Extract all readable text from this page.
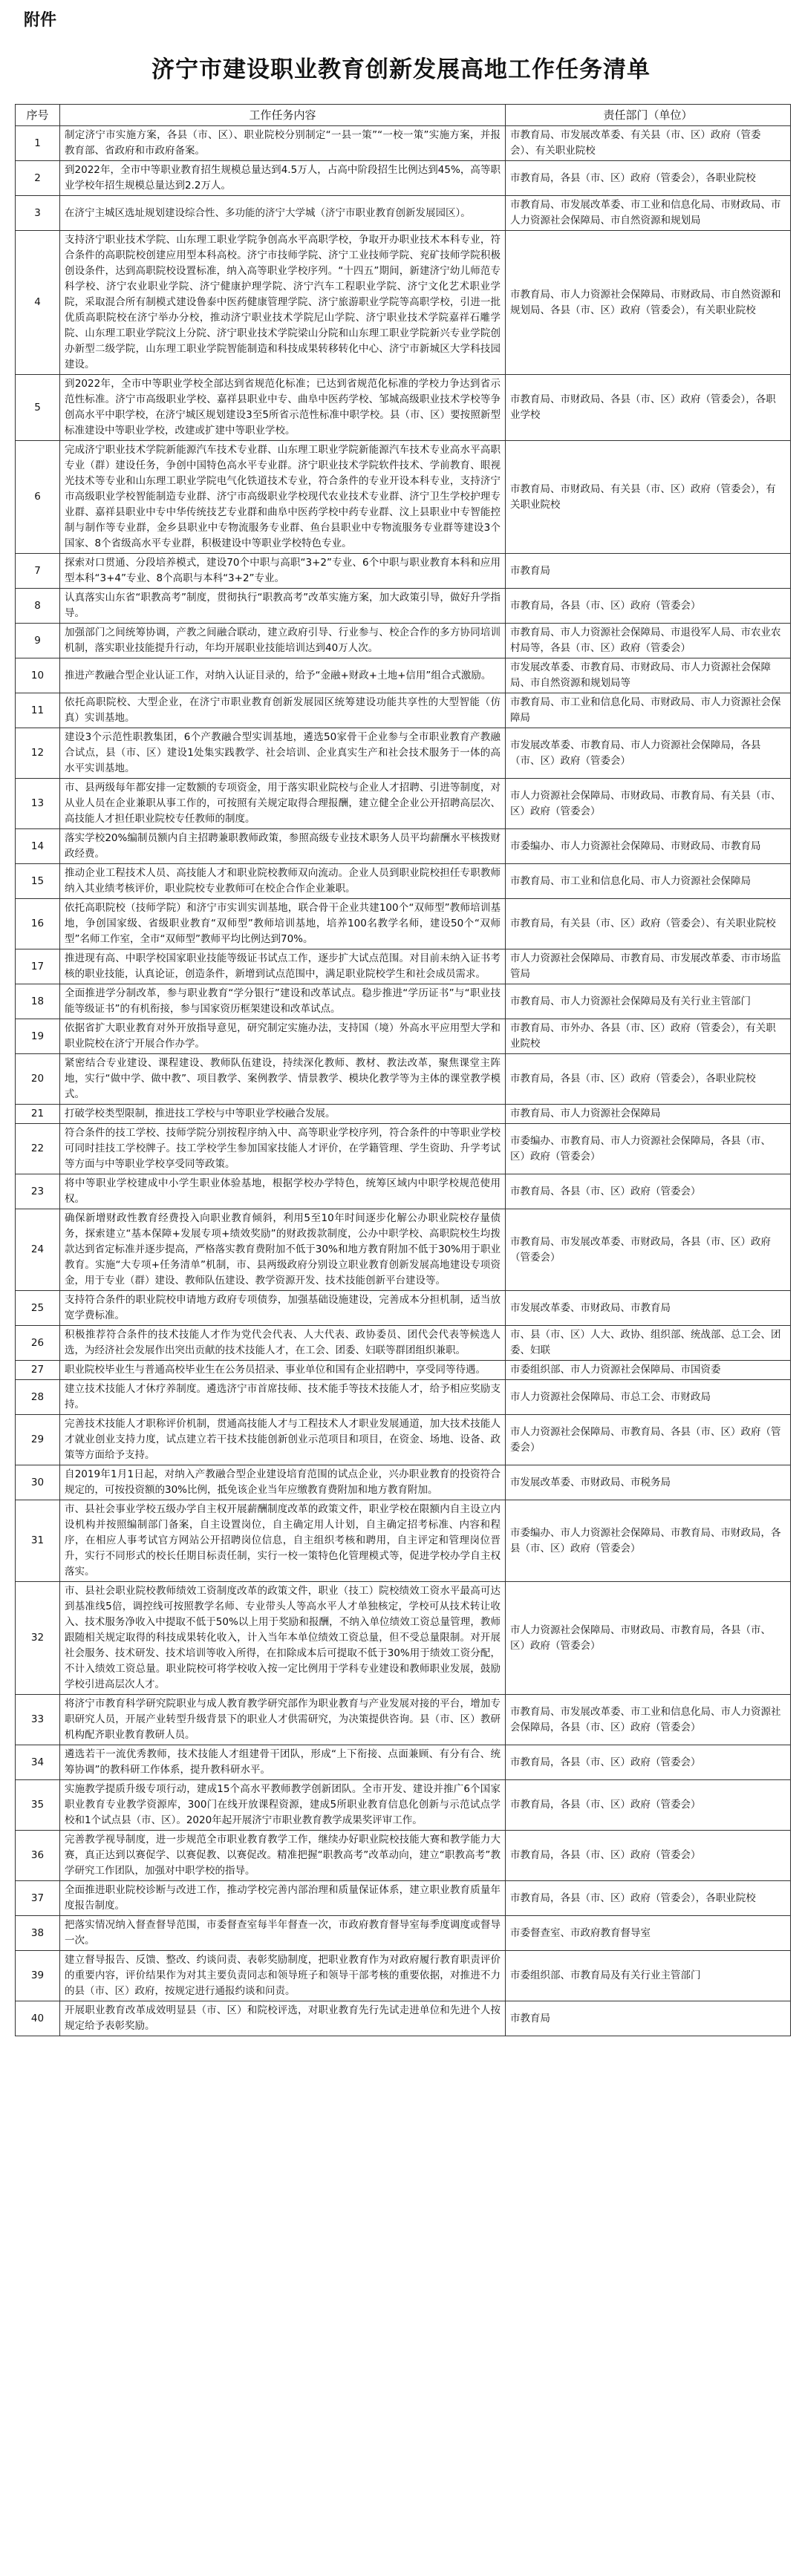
附件
济宁市建设职业教育创新发展高地工作任务清单
序号	工作任务内容	责任部门（单位）
1	制定济宁市实施方案，各县（市、区）、职业院校分别制定“一县一策”“一校一策”实施方案，并报教育部、省政府和市政府备案。	市教育局、市发展改革委、有关县（市、区）政府（管委会）、有关职业院校
2	到2022年，全市中等职业教育招生规模总量达到4.5万人，占高中阶段招生比例达到45%，高等职业学校年招生规模总量达到2.2万人。	市教育局，各县（市、区）政府（管委会），各职业院校
3	在济宁主城区选址规划建设综合性、多功能的济宁大学城（济宁市职业教育创新发展园区）。	市教育局、市发展改革委、市工业和信息化局、市财政局、市人力资源社会保障局、市自然资源和规划局
4	支持济宁职业技术学院、山东理工职业学院争创高水平高职学校，争取开办职业技术本科专业，符合条件的高职院校创建应用型本科高校。济宁市技师学院、济宁工业技师学院、兖矿技师学院积极创设条件，达到高职院校设置标准，纳入高等职业学校序列。“十四五”期间，新建济宁幼儿师范专科学校、济宁农业职业学院、济宁健康护理学院、济宁汽车工程职业学院、济宁文化艺术职业学院，采取混合所有制模式建设鲁泰中医药健康管理学院、济宁旅游职业学院等高职学校，引进一批优质高职院校在济宁举办分校，推动济宁职业技术学院尼山学院、济宁职业技术学院嘉祥石雕学院、山东理工职业学院汶上分院、济宁职业技术学院梁山分院和山东理工职业学院新兴专业学院创办新型二级学院，山东理工职业学院智能制造和科技成果转移转化中心、济宁市新城区大学科技园建设。	市教育局、市人力资源社会保障局、市财政局、市自然资源和规划局、各县（市、区）政府（管委会），有关职业院校
5	到2022年，全市中等职业学校全部达到省规范化标准；已达到省规范化标准的学校力争达到省示范性标准。济宁市高级职业学校、嘉祥县职业中专、曲阜中医药学校、邹城高级职业技术学校等争创高水平中职学校，在济宁城区规划建设3至5所省示范性标准中职学校。县（市、区）要按照新型标准建设中等职业学校，改建或扩建中等职业学校。	市教育局、市财政局、各县（市、区）政府（管委会），各职业学校
6	完成济宁职业技术学院新能源汽车技术专业群、山东理工职业学院新能源汽车技术专业高水平高职专业（群）建设任务，争创中国特色高水平专业群。济宁职业技术学院软件技术、学前教育、眼视光技术等专业和山东理工职业学院电气化铁道技术专业，符合条件的专业开设本科专业，支持济宁市高级职业学校智能制造专业群、济宁市高级职业学校现代农业技术专业群、济宁卫生学校护理专业群、嘉祥县职业中专中华传统技艺专业群和曲阜中医药学校中药专业群、汶上县职业中专智能控制与制作等专业群，金乡县职业中专物流服务专业群、鱼台县职业中专物流服务专业群等建设3个国家、8个省级高水平专业群，积极建设中等职业学校特色专业。	市教育局、市财政局、有关县（市、区）政府（管委会），有关职业院校
7	探索对口贯通、分段培养模式，建设70个中职与高职“3+2”专业、6个中职与职业教育本科和应用型本科“3+4”专业、8个高职与本科“3+2”专业。	市教育局
8	认真落实山东省“职教高考”制度，贯彻执行“职教高考”改革实施方案，加大政策引导，做好升学指导。	市教育局，各县（市、区）政府（管委会）
9	加强部门之间统筹协调，产教之间融合联动，建立政府引导、行业参与、校企合作的多方协同培训机制，落实职业技能提升行动，年均开展职业技能培训达到40万人次。	市教育局、市人力资源社会保障局、市退役军人局、市农业农村局等，各县（市、区）政府（管委会）
10	推进产教融合型企业认证工作，对纳入认证目录的，给予“金融+财政+土地+信用”组合式激励。	市发展改革委、市教育局、市财政局、市人力资源社会保障局、市自然资源和规划局等
11	依托高职院校、大型企业，在济宁市职业教育创新发展园区统筹建设功能共享性的大型智能（仿真）实训基地。	市教育局、市工业和信息化局、市财政局、市人力资源社会保障局
12	建设3个示范性职教集团，6个产教融合型实训基地，遴选50家骨干企业参与全市职业教育产教融合试点，县（市、区）建设1处集实践教学、社会培训、企业真实生产和社会技术服务于一体的高水平实训基地。	市发展改革委、市教育局、市人力资源社会保障局，各县（市、区）政府（管委会）
13	市、县两级每年都安排一定数额的专项资金，用于落实职业院校与企业人才招聘、引进等制度，对从业人员在企业兼职从事工作的，可按照有关规定取得合理报酬，建立健全企业公开招聘高层次、高技能人才担任职业院校专任教师的制度。	市人力资源社会保障局、市财政局、市教育局、有关县（市、区）政府（管委会）
14	落实学校20%编制员额内自主招聘兼职教师政策，参照高级专业技术职务人员平均薪酬水平核拨财政经费。	市委编办、市人力资源社会保障局、市财政局、市教育局
15	推动企业工程技术人员、高技能人才和职业院校教师双向流动。企业人员到职业院校担任专职教师纳入其业绩考核评价，职业院校专业教师可在校企合作企业兼职。	市教育局、市工业和信息化局、市人力资源社会保障局
16	依托高职院校（技师学院）和济宁市实训实训基地，联合骨干企业共建100个“双师型”教师培训基地，争创国家级、省级职业教育“双师型”教师培训基地，培养100名教学名师，建设50个“双师型”名师工作室，全市“双师型”教师平均比例达到70%。	市教育局，有关县（市、区）政府（管委会）、有关职业院校
17	推进现有高、中职学校国家职业技能等级证书试点工作，逐步扩大试点范围。对目前未纳入证书考核的职业技能，认真论证，创造条件，新增到试点范围中，满足职业院校学生和社会成员需求。	市人力资源社会保障局、市教育局、市发展改革委、市市场监管局
18	全面推进学分制改革，参与职业教育“学分银行”建设和改革试点。稳步推进“学历证书”与“职业技能等级证书”的有机衔接，参与国家资历框架建设和改革试点。	市教育局、市人力资源社会保障局及有关行业主管部门
19	依据省扩大职业教育对外开放指导意见，研究制定实施办法，支持国（境）外高水平应用型大学和职业院校在济宁开展合作办学。	市教育局、市外办、各县（市、区）政府（管委会），有关职业院校
20	紧密结合专业建设、课程建设、教师队伍建设，持续深化教师、教材、教法改革，聚焦课堂主阵地，实行“做中学、做中教”、项目教学、案例教学、情景教学、模块化教学等为主体的课堂教学模式。	市教育局，各县（市、区）政府（管委会），各职业院校
21	打破学校类型限制，推进技工学校与中等职业学校融合发展。	市教育局、市人力资源社会保障局
22	符合条件的技工学校、技师学院分别按程序纳入中、高等职业学校序列，符合条件的中等职业学校可同时挂技工学校牌子。技工学校学生参加国家技能人才评价，在学籍管理、学生资助、升学考试等方面与中等职业学校享受同等政策。	市委编办、市教育局、市人力资源社会保障局，各县（市、区）政府（管委会）
23	将中等职业学校建成中小学生职业体验基地，根据学校办学特色，统筹区域内中职学校规范使用权。	市教育局、各县（市、区）政府（管委会）
24	确保新增财政性教育经费投入向职业教育倾斜，利用5至10年时间逐步化解公办职业院校存量债务，探索建立“基本保障+发展专项+绩效奖励”的财政拨款制度，公办中职学校、高职院校生均拨款达到省定标准并逐步提高，严格落实教育费附加不低于30%和地方教育附加不低于30%用于职业教育。实施“大专项+任务清单”机制，市、县两级政府分别设立职业教育创新发展高地建设专项资金，用于专业（群）建设、教师队伍建设、教学资源开发、技术技能创新平台建设等。	市教育局、市发展改革委、市财政局，各县（市、区）政府（管委会）
25	支持符合条件的职业院校申请地方政府专项债券，加强基础设施建设，完善成本分担机制，适当放宽学费标准。	市发展改革委、市财政局、市教育局
26	积极推荐符合条件的技术技能人才作为党代会代表、人大代表、政协委员、团代会代表等候选人选，为经济社会发展作出突出贡献的技术技能人才，在工会、团委、妇联等群团组织兼职。	市、县（市、区）人大、政协、组织部、统战部、总工会、团委、妇联
27	职业院校毕业生与普通高校毕业生在公务员招录、事业单位和国有企业招聘中，享受同等待遇。	市委组织部、市人力资源社会保障局、市国资委
28	建立技术技能人才休疗养制度。遴选济宁市首席技师、技术能手等技术技能人才，给予相应奖励支持。	市人力资源社会保障局、市总工会、市财政局
29	完善技术技能人才职称评价机制，贯通高技能人才与工程技术人才职业发展通道，加大技术技能人才就业创业支持力度，试点建立若干技术技能创新创业示范项目和项目，在资金、场地、设备、政策等方面给予支持。	市人力资源社会保障局、市教育局、各县（市、区）政府（管委会）
30	自2019年1月1日起，对纳入产教融合型企业建设培育范围的试点企业，兴办职业教育的投资符合规定的，可按投资额的30%比例，抵免该企业当年应缴教育费附加和地方教育附加。	市发展改革委、市财政局、市税务局
31	市、县社会事业学校五级办学自主权开展薪酬制度改革的政策文件，职业学校在限额内自主设立内设机构并按照编制部门备案，自主设置岗位，自主确定用人计划，自主确定招考标准、内容和程序，在相应人事考试官方网站公开招聘岗位信息，自主组织考核和聘用，自主评定和管理岗位晋升，实行不同形式的校长任期目标责任制，实行一校一策特色化管理模式等，促进学校办学自主权落实。	市委编办、市人力资源社会保障局、市教育局、市财政局，各县（市、区）政府（管委会）
32	市、县社会职业院校教师绩效工资制度改革的政策文件，职业（技工）院校绩效工资水平最高可达到基准线5倍，调控线可按照教学名师、专业带头人等高水平人才单独核定，学校可从技术转让收入、技术服务净收入中提取不低于50%以上用于奖励和报酬，不纳入单位绩效工资总量管理，教师跟随相关规定取得的科技成果转化收入，计入当年本单位绩效工资总量，但不受总量限制。对开展社会服务、技术研发、技术培训等收入所得，在扣除成本后可提取不低于30%用于绩效工资分配，不计入绩效工资总量。职业院校可将学校收入按一定比例用于学科专业建设和教师职业发展，鼓励学校引进高层次人才。	市人力资源社会保障局、市财政局、市教育局，各县（市、区）政府（管委会）
33	将济宁市教育科学研究院职业与成人教育教学研究部作为职业教育与产业发展对接的平台，增加专职研究人员，开展产业转型升级背景下的职业人才供需研究，为决策提供咨询。县（市、区）教研机构配齐职业教育教研人员。	市教育局、市发展改革委、市工业和信息化局、市人力资源社会保障局，各县（市、区）政府（管委会）
34	遴选若干一流优秀教师，技术技能人才组建骨干团队，形成“上下衔接、点面兼顾、有分有合、统筹协调”的教科研工作体系，提升教科研水平。	市教育局，各县（市、区）政府（管委会）
35	实施教学提质升级专项行动，建成15个高水平教师教学创新团队。全市开发、建设并推广6个国家职业教育专业教学资源库，300门在线开放课程资源，建成5所职业教育信息化创新与示范试点学校和1个试点县（市、区）。2020年起开展济宁市职业教育教学成果奖评审工作。	市教育局，各县（市、区）政府（管委会）
36	完善教学视导制度，进一步规范全市职业教育教学工作，继续办好职业院校技能大赛和教学能力大赛，真正达到以赛促学、以赛促教、以赛促改。精准把握“职教高考”改革动向，建立“职教高考”教学研究工作团队，加强对中职学校的指导。	市教育局，各县（市、区）政府（管委会）
37	全面推进职业院校诊断与改进工作，推动学校完善内部治理和质量保证体系，建立职业教育质量年度报告制度。	市教育局，各县（市、区）政府（管委会），各职业院校
38	把落实情况纳入督查督导范围，市委督查室每半年督查一次，市政府教育督导室每季度调度或督导一次。	市委督查室、市政府教育督导室
39	建立督导报告、反馈、整改、约谈问责、表彰奖励制度，把职业教育作为对政府履行教育职责评价的重要内容，评价结果作为对其主要负责同志和领导班子和领导干部考核的重要依据，对推进不力的县（市、区）政府，按规定进行通报约谈和问责。	市委组织部、市教育局及有关行业主管部门
40	开展职业教育改革成效明显县（市、区）和院校评选，对职业教育先行先试走进单位和先进个人按规定给予表彰奖励。	市教育局
